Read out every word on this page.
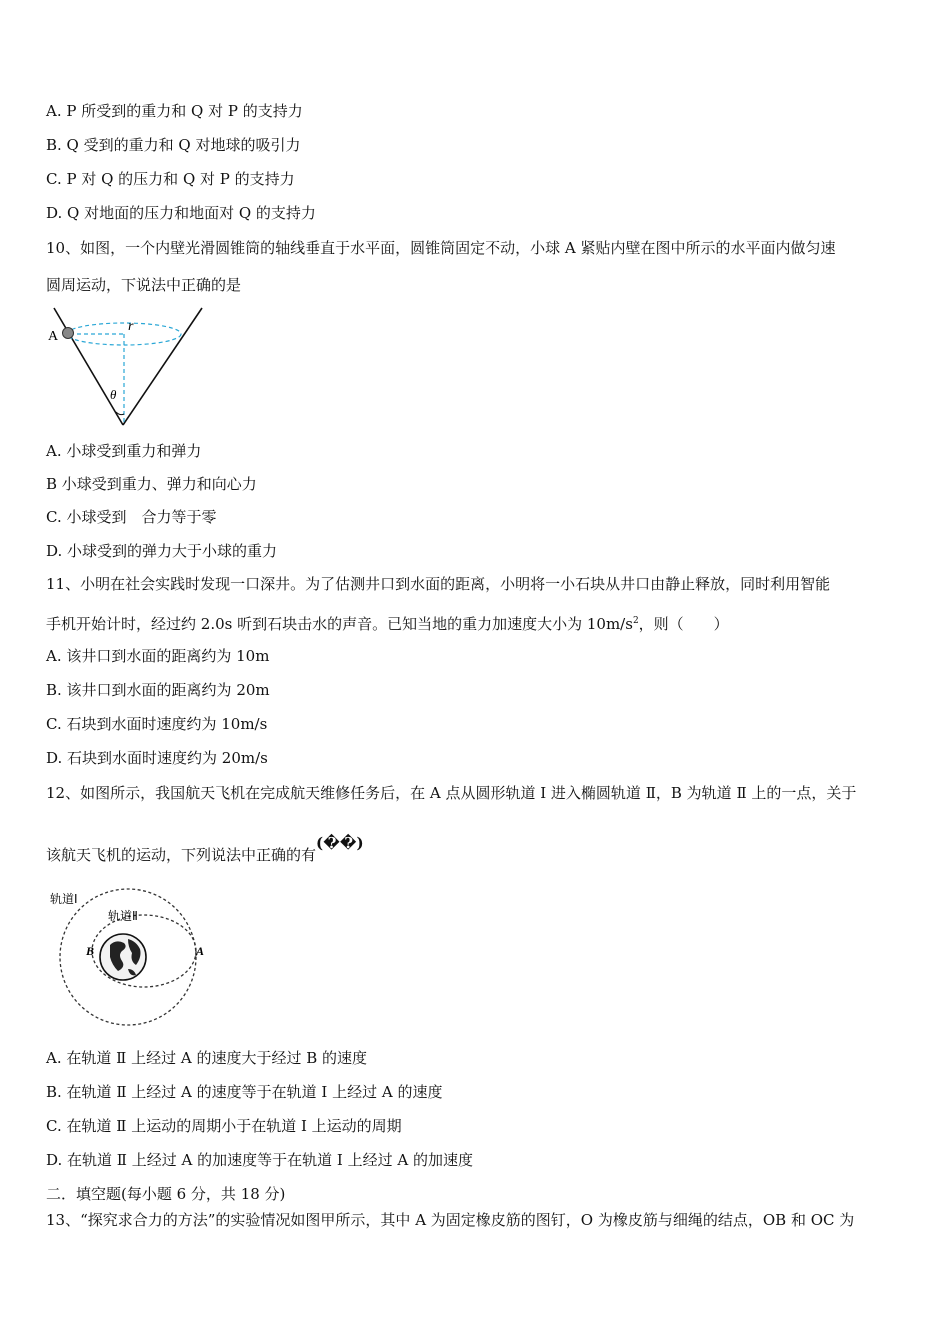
A. P 所受到的重力和 Q 对 P 的支持力
B. Q 受到的重力和 Q 对地球的吸引力
C. P 对 Q 的压力和 Q 对 P 的支持力
D. Q 对地面的压力和地面对 Q 的支持力
10、如图，一个内壁光滑圆锥筒的轴线垂直于水平面，圆锥筒固定不动，小球 A 紧贴内壁在图中所示的水平面内做匀速
圆周运动，下说法中正确的是
A
r
θ
A. 小球受到重力和弹力
B 小球受到重力、弹力和向心力
C. 小球受到　合力等于零
D. 小球受到的弹力大于小球的重力
11、小明在社会实践时发现一口深井。为了估测井口到水面的距离，小明将一小石块从井口由静止释放，同时利用智能
手机开始计时，经过约 2.0s 听到石块击水的声音。已知当地的重力加速度大小为 $10m/s^2$，则（　　）
A. 该井口到水面的距离约为 10m
B. 该井口到水面的距离约为 20m
C. 石块到水面时速度约为 10m/s
D. 石块到水面时速度约为 20m/s
12、如图所示，我国航天飞机在完成航天维修任务后，在 A 点从圆形轨道 Ⅰ 进入椭圆轨道 Ⅱ，B 为轨道 Ⅱ 上的一点，关于
该航天飞机的运动，下列说法中正确的有(��)
轨道Ⅰ
轨道Ⅱ
B	A
A. 在轨道 Ⅱ 上经过 A 的速度大于经过 B 的速度
B. 在轨道 Ⅱ 上经过 A 的速度等于在轨道 Ⅰ 上经过 A 的速度
C. 在轨道 Ⅱ 上运动的周期小于在轨道 Ⅰ 上运动的周期
D. 在轨道 Ⅱ 上经过 A 的加速度等于在轨道 Ⅰ 上经过 A 的加速度
二．填空题(每小题 6 分，共 18 分)
13、“探究求合力的方法”的实验情况如图甲所示，其中 A 为固定橡皮筋的图钉，O 为橡皮筋与细绳的结点，OB 和 OC 为
